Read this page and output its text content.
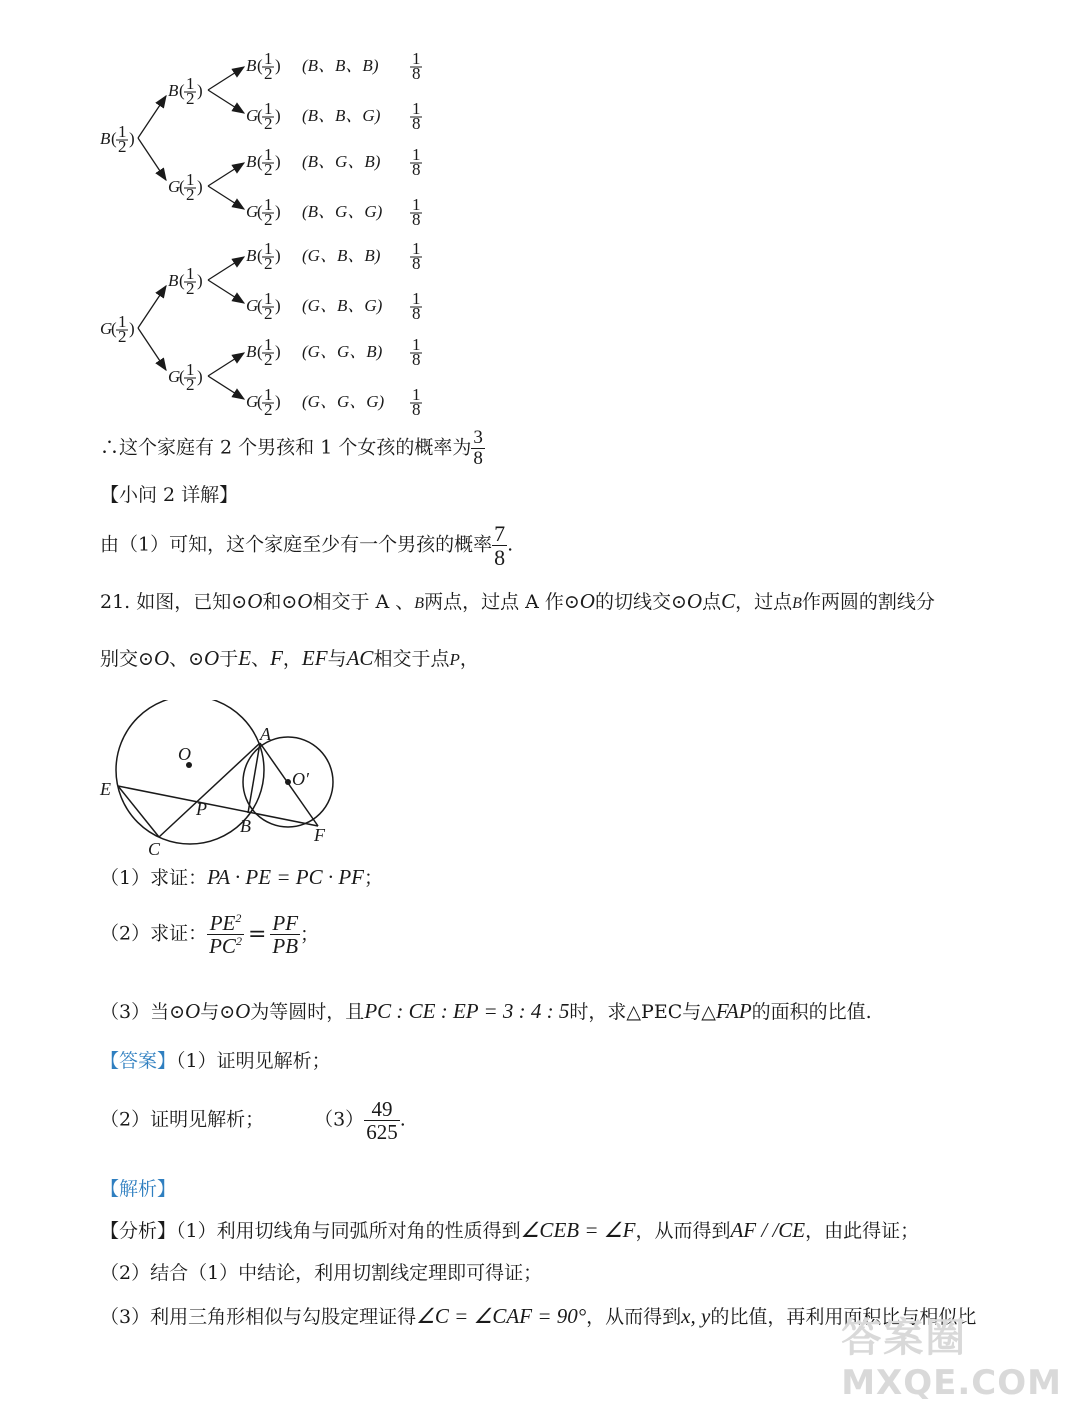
B ( 1
2 )
B ( 1
2 )
B ( 1
2 ) (B、B、B) 1
8
G
( 1
2 ) (B、B、G) 1
8
G
( 1
2 )
B ( 1
2 ) (B、G、B) 1
8
G
( 1
2 ) (B、G、G) 1
8
G
( 1
2 )
B ( 1
2 )
B ( 1
2 ) (G、B、B) 1
8
G
( 1
2 ) (G、B、G) 1
8
G
( 1
2 )
B ( 1
2 ) (G、G、B) 1
8
G
( 1
2 ) (G、G、G) 1
8
∴这个家庭有 2 个男孩和 1 个女孩的概率为 $\frac{3}{8}$
【小问 2 详解】
由（1）可知，这个家庭至少有一个男孩的概率 $\frac{7}{8}$ .
21. 如图，已知⊙O和⊙O相交于 A 、B两点，过点 A 作⊙O的切线交⊙O点C，过点B作两圆的割线分
别交⊙O、⊙O于E、F，EF与AC相交于点P，
O
O′
A
E
P
B
C
F
（1）求证：PA · PE = PC · PF；
（2）求证： $\frac{PE^2}{PC^2} = \frac{PF}{PB}$ ；
（3）当⊙O与⊙O为等圆时，且PC : CE : EP = 3 : 4 : 5时，求△PEC与△FAP的面积的比值.
【答案】（1）证明见解析；
（2）证明见解析；	$(3) \frac{49}{625}$ .
【解析】
【分析】（1）利用切线角与同弧所对角的性质得到∠CEB = ∠F，从而得到AF / /CE，由此得证；
（2）结合（1）中结论，利用切割线定理即可得证；
（3）利用三角形相似与勾股定理证得∠C = ∠CAF = 90°，从而得到x, y的比值，再利用面积比与相似比
答案圈
MXQE.COM
